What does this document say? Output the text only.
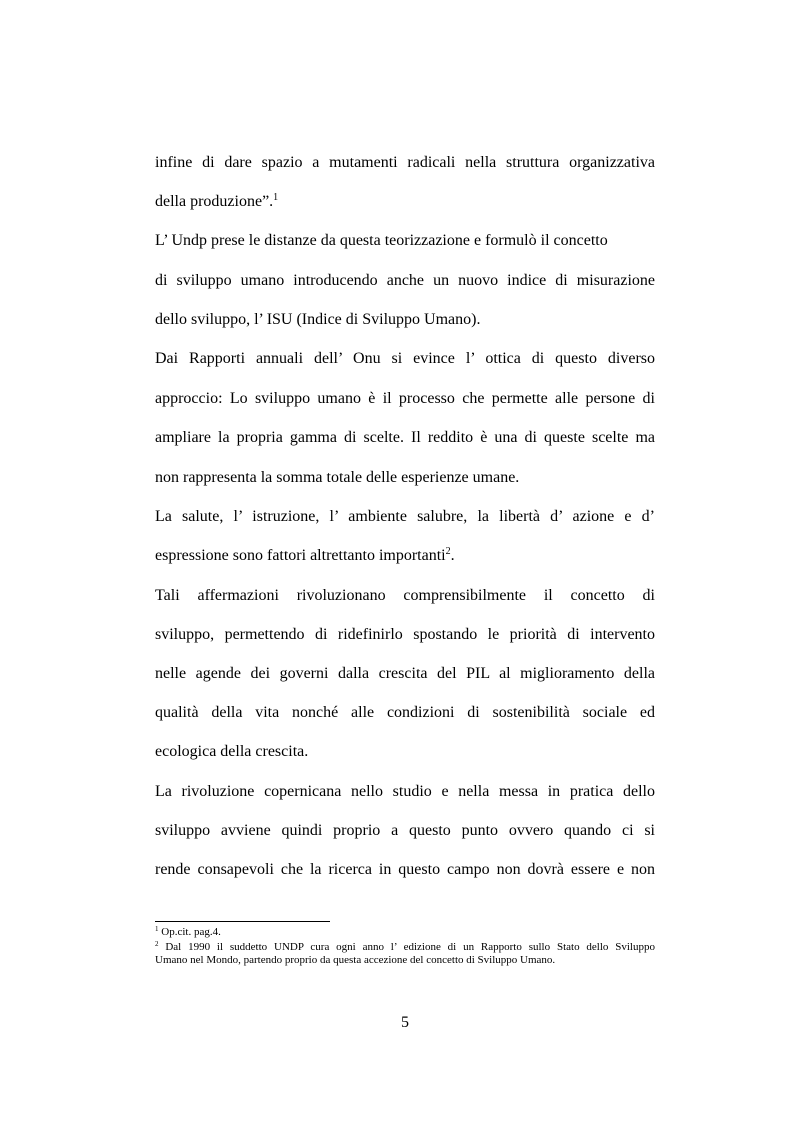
infine di dare spazio a mutamenti radicali nella struttura organizzativa
della produzione”.$^1$
L’ Undp prese le distanze da questa teorizzazione e formulò il concetto
di sviluppo umano introducendo anche un nuovo indice di misurazione
dello sviluppo, l’ ISU (Indice di Sviluppo Umano).
Dai Rapporti annuali dell’ Onu si evince l’ ottica di questo diverso
approccio: Lo sviluppo umano è il processo che permette alle persone di
ampliare la propria gamma di scelte. Il reddito è una di queste scelte ma
non rappresenta la somma totale delle esperienze umane.
La salute, l’ istruzione, l’ ambiente salubre, la libertà d’ azione e d’
espressione sono fattori altrettanto importanti$^2$.
Tali affermazioni rivoluzionano comprensibilmente il concetto di
sviluppo, permettendo di ridefinirlo spostando le priorità di intervento
nelle agende dei governi dalla crescita del PIL al miglioramento della
qualità della vita nonché alle condizioni di sostenibilità sociale ed
ecologica della crescita.
La rivoluzione copernicana nello studio e nella messa in pratica dello
sviluppo avviene quindi proprio a questo punto ovvero quando ci si
rende consapevoli che la ricerca in questo campo non dovrà essere e non
$^1$ Op.cit. pag.4.
$^2$ Dal 1990 il suddetto UNDP cura ogni anno l’ edizione di un Rapporto sullo Stato dello Sviluppo
Umano nel Mondo, partendo proprio da questa accezione del concetto di Sviluppo Umano.
5
